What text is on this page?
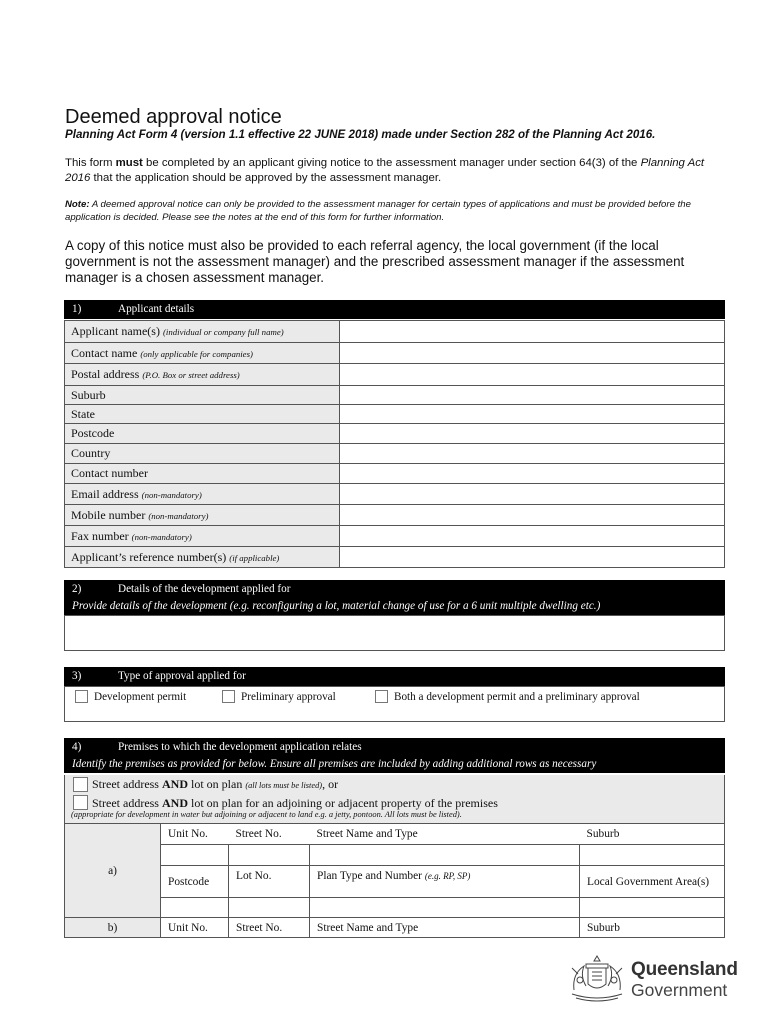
Deemed approval notice
Planning Act Form 4 (version 1.1 effective 22 JUNE 2018) made under Section 282 of the Planning Act 2016.
This form must be completed by an applicant giving notice to the assessment manager under section 64(3) of the Planning Act 2016 that the application should be approved by the assessment manager.
Note: A deemed approval notice can only be provided to the assessment manager for certain types of applications and must be provided before the application is decided. Please see the notes at the end of this form for further information.
A copy of this notice must also be provided to each referral agency, the local government (if the local government is not the assessment manager) and the prescribed assessment manager if the assessment manager is a chosen assessment manager.
1)	Applicant details
Applicant name(s) (individual or company full name)	
Contact name (only applicable for companies)	
Postal address (P.O. Box or street address)	
Suburb	
State	
Postcode	
Country	
Contact number	
Email address (non-mandatory)	
Mobile number (non-mandatory)	
Fax number (non-mandatory)	
Applicant’s reference number(s) (if applicable)	
2)	Details of the development applied for
Provide details of the development (e.g. reconfiguring a lot, material change of use for a 6 unit multiple dwelling etc.)
3)	Type of approval applied for
Development permit	Preliminary approval	Both a development permit and a preliminary approval
4)	Premises to which the development application relates
Identify the premises as provided for below. Ensure all premises are included by adding additional rows as necessary
Street address AND lot on plan (all lots must be listed), or
Street address AND lot on plan for an adjoining or adjacent property of the premises
(appropriate for development in water but adjoining or adjacent to land e.g. a jetty, pontoon. All lots must be listed).
a)	Unit No.	Street No.	Street Name and Type	Suburb

	Postcode	Lot No.	Plan Type and Number (e.g. RP, SP)	Local Government Area(s)

b)	Unit No.	Street No.	Street Name and Type	Suburb
Queensland
Government
